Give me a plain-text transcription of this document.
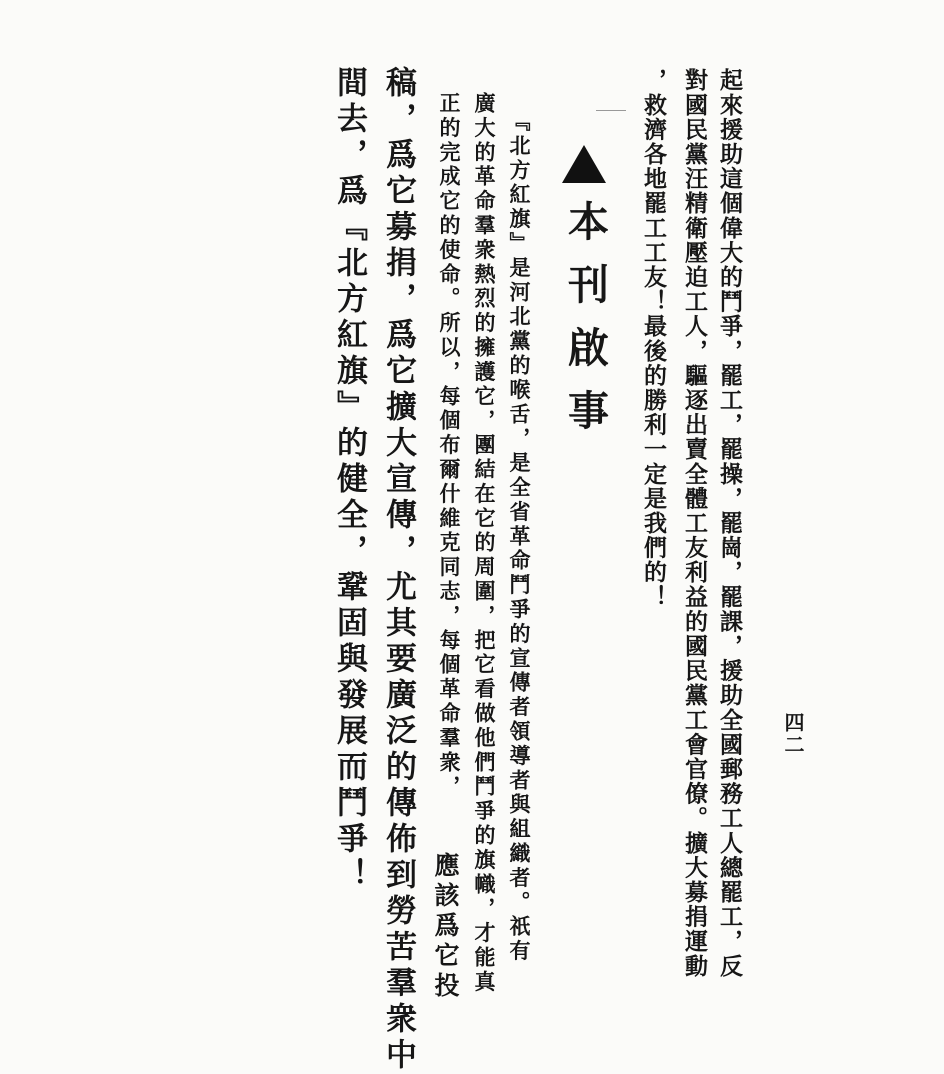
四二
起來援助這個偉大的鬥爭，罷工，罷操，罷崗，罷課，援助全國郵務工人總罷工，反
對國民黨汪精衛壓迫工人，驅逐出賣全體工友利益的國民黨工會官僚。擴大募捐運動
，救濟各地罷工工友！最後的勝利一定是我們的！
本刊啟事
『北方紅旗』是河北黨的喉舌，是全省革命鬥爭的宣傳者領導者與組織者。祇有
廣大的革命羣衆熱烈的擁護它，團結在它的周圍，把它看做他們鬥爭的旗幟，才能真
正的完成它的使命。所以，每個布爾什維克同志，每個革命羣衆，
應該爲它投
稿，爲它募捐，爲它擴大宣傳，尤其要廣泛的傳佈到勞苦羣衆中
間去，爲『北方紅旗』的健全，鞏固與發展而鬥爭！
